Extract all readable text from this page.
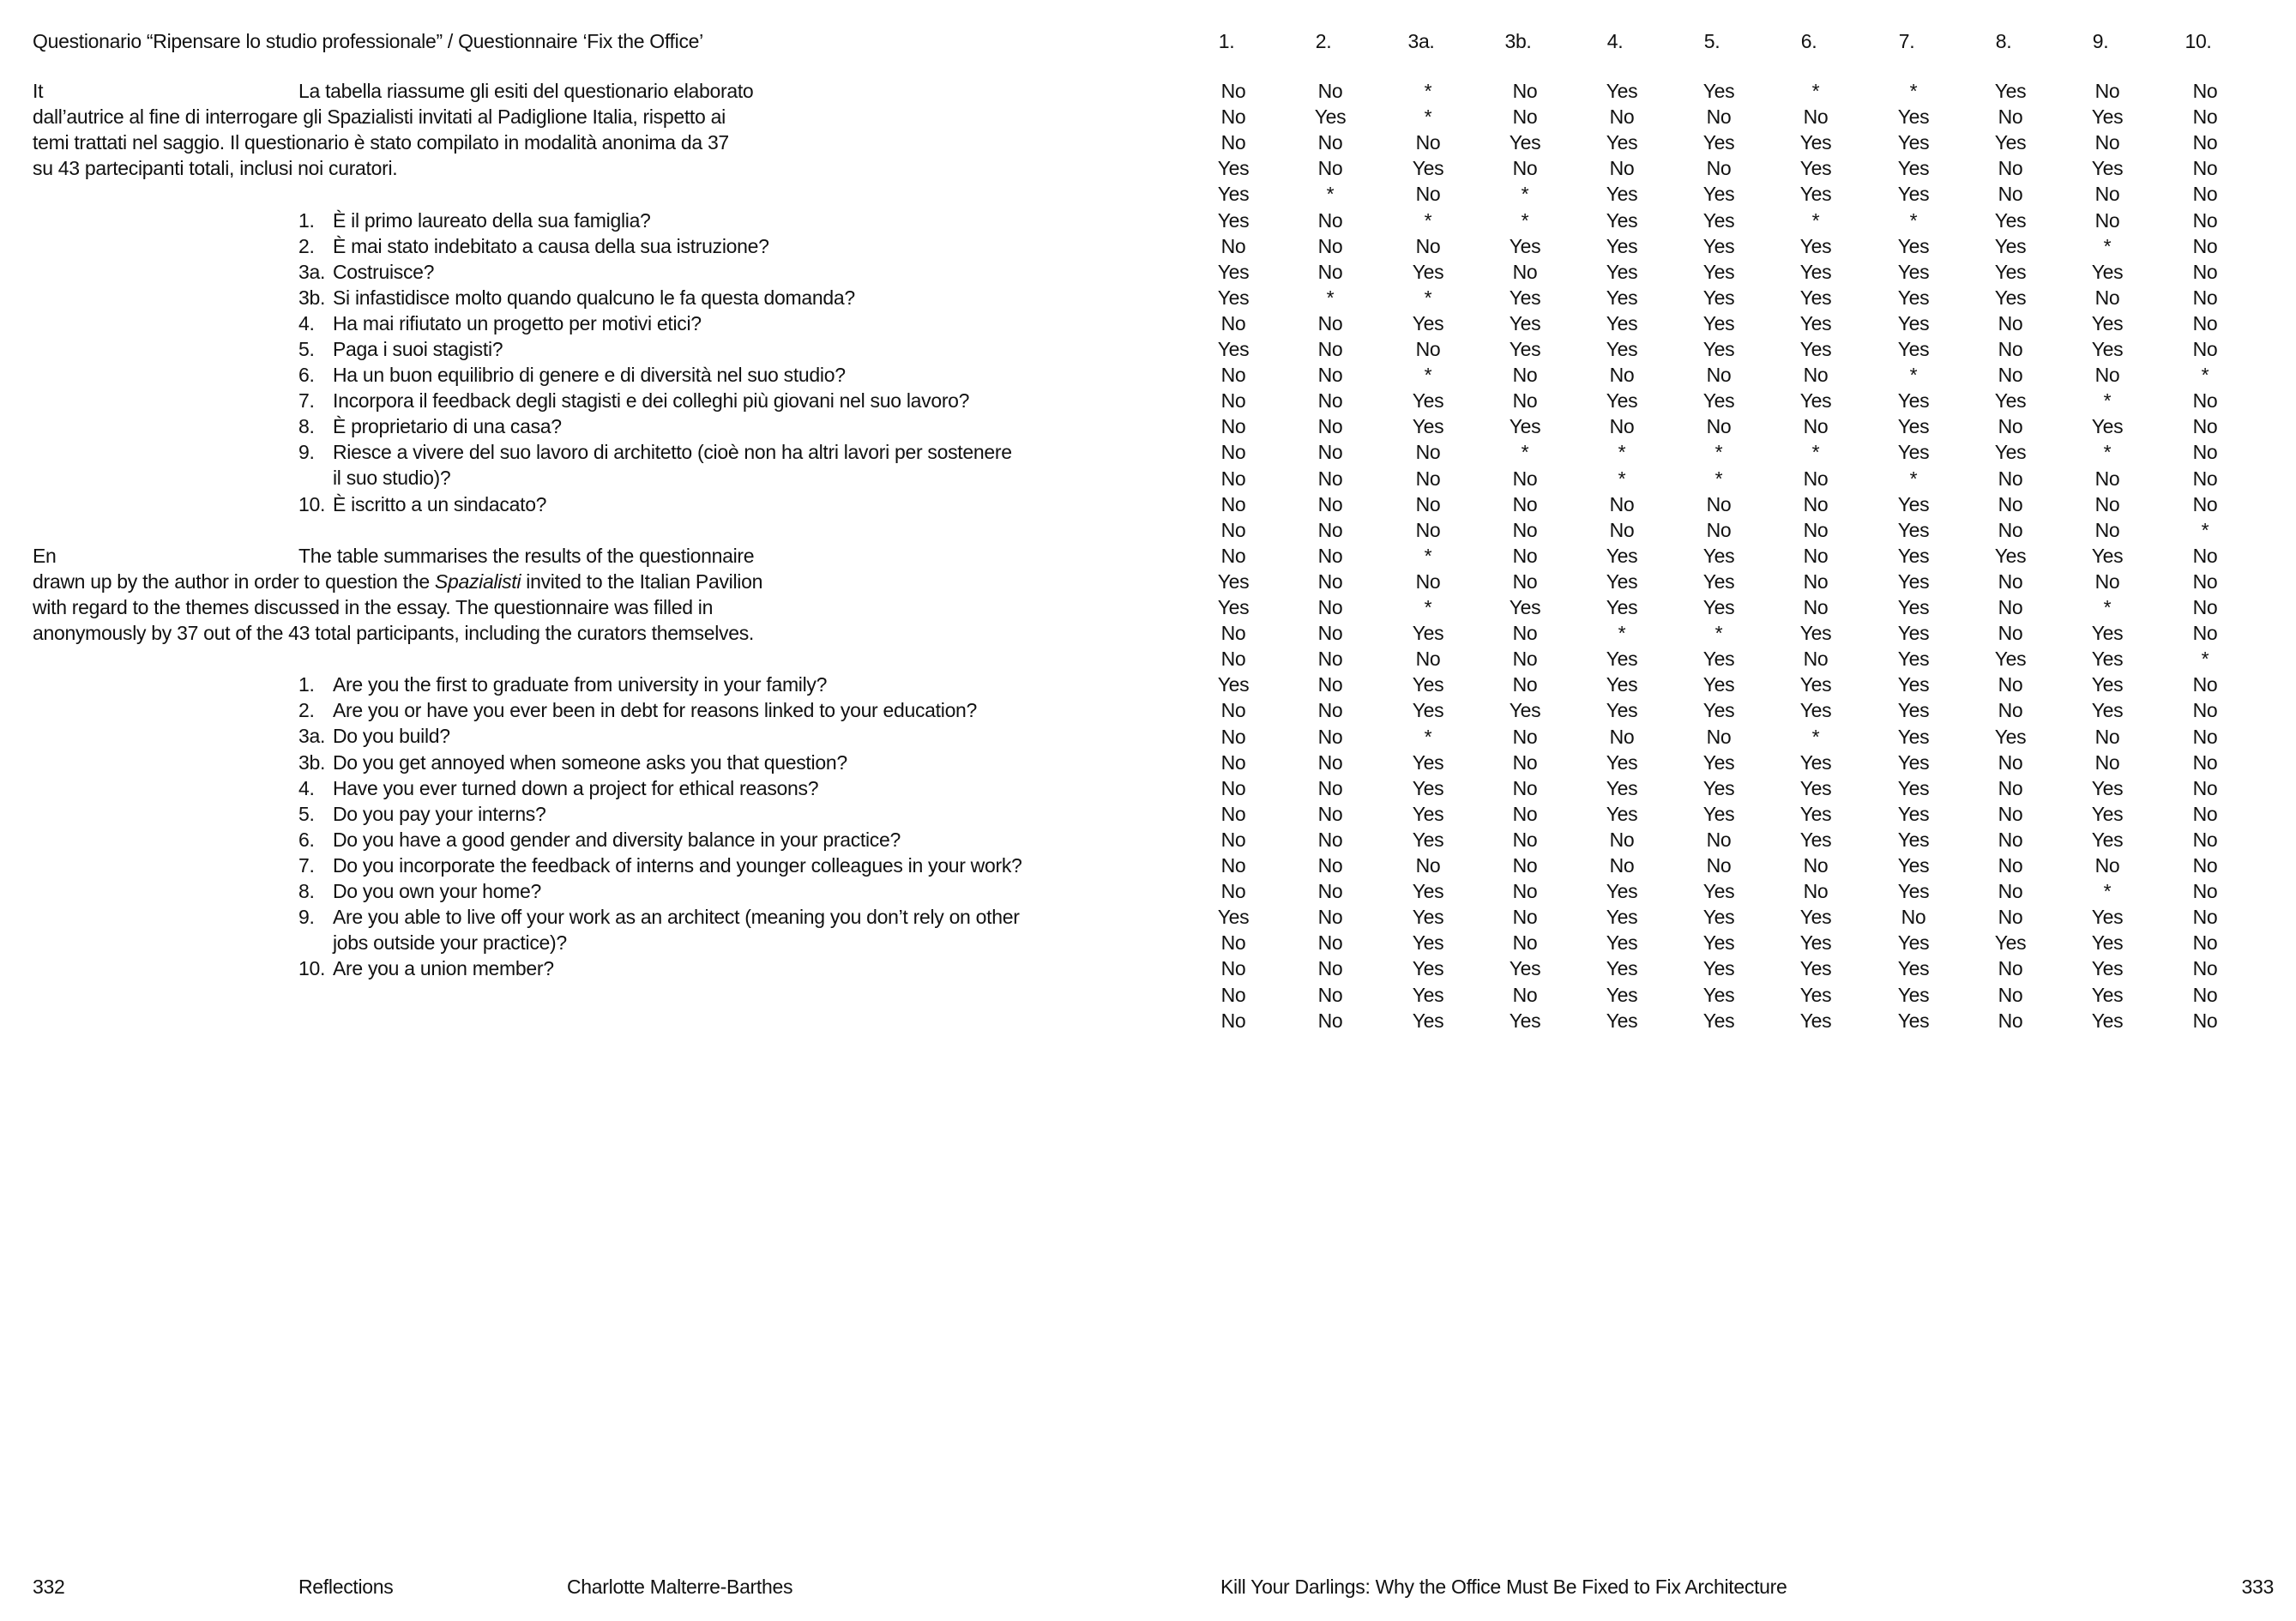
Questionario “Ripensare lo studio professionale” / Questionnaire ‘Fix the Office’
It	La tabella riassume gli esiti del questionario elaborato
dall’autrice al fine di interrogare gli Spazialisti invitati al Padiglione Italia, rispetto ai
temi trattati nel saggio. Il questionario è stato compilato in modalità anonima da 37
su 43 partecipanti totali, inclusi noi curatori.
1. È il primo laureato della sua famiglia?
2. È mai stato indebitato a causa della sua istruzione?
3a. Costruisce?
3b. Si infastidisce molto quando qualcuno le fa questa domanda?
4. Ha mai rifiutato un progetto per motivi etici?
5. Paga i suoi stagisti?
6. Ha un buon equilibrio di genere e di diversità nel suo studio?
7. Incorpora il feedback degli stagisti e dei colleghi più giovani nel suo lavoro?
8. È proprietario di una casa?
9. Riesce a vivere del suo lavoro di architetto (cioè non ha altri lavori per sostenere
il suo studio)?
10. È iscritto a un sindacato?
En	The table summarises the results of the questionnaire
drawn up by the author in order to question the Spazialisti invited to the Italian Pavilion
with regard to the themes discussed in the essay. The questionnaire was filled in
anonymously by 37 out of the 43 total participants, including the curators themselves.
1. Are you the first to graduate from university in your family?
2. Are you or have you ever been in debt for reasons linked to your education?
3a. Do you build?
3b. Do you get annoyed when someone asks you that question?
4. Have you ever turned down a project for ethical reasons?
5. Do you pay your interns?
6. Do you have a good gender and diversity balance in your practice?
7. Do you incorporate the feedback of interns and younger colleagues in your work?
8. Do you own your home?
9. Are you able to live off your work as an architect (meaning you don’t rely on other
jobs outside your practice)?
10. Are you a union member?
1.	2.	3a.	3b.	4.	5.	6.	7.	8.	9.	10.
No	No	*	No	Yes	Yes	*	*	Yes	No	No
No	Yes	*	No	No	No	No	Yes	No	Yes	No
No	No	No	Yes	Yes	Yes	Yes	Yes	Yes	No	No
Yes	No	Yes	No	No	No	Yes	Yes	No	Yes	No
Yes	*	No	*	Yes	Yes	Yes	Yes	No	No	No
Yes	No	*	*	Yes	Yes	*	*	Yes	No	No
No	No	No	Yes	Yes	Yes	Yes	Yes	Yes	*	No
Yes	No	Yes	No	Yes	Yes	Yes	Yes	Yes	Yes	No
Yes	*	*	Yes	Yes	Yes	Yes	Yes	Yes	No	No
No	No	Yes	Yes	Yes	Yes	Yes	Yes	No	Yes	No
Yes	No	No	Yes	Yes	Yes	Yes	Yes	No	Yes	No
No	No	*	No	No	No	No	*	No	No	*
No	No	Yes	No	Yes	Yes	Yes	Yes	Yes	*	No
No	No	Yes	Yes	No	No	No	Yes	No	Yes	No
No	No	No	*	*	*	*	Yes	Yes	*	No
No	No	No	No	*	*	No	*	No	No	No
No	No	No	No	No	No	No	Yes	No	No	No
No	No	No	No	No	No	No	Yes	No	No	*
No	No	*	No	Yes	Yes	No	Yes	Yes	Yes	No
Yes	No	No	No	Yes	Yes	No	Yes	No	No	No
Yes	No	*	Yes	Yes	Yes	No	Yes	No	*	No
No	No	Yes	No	*	*	Yes	Yes	No	Yes	No
No	No	No	No	Yes	Yes	No	Yes	Yes	Yes	*
Yes	No	Yes	No	Yes	Yes	Yes	Yes	No	Yes	No
No	No	Yes	Yes	Yes	Yes	Yes	Yes	No	Yes	No
No	No	*	No	No	No	*	Yes	Yes	No	No
No	No	Yes	No	Yes	Yes	Yes	Yes	No	No	No
No	No	Yes	No	Yes	Yes	Yes	Yes	No	Yes	No
No	No	Yes	No	Yes	Yes	Yes	Yes	No	Yes	No
No	No	Yes	No	No	No	Yes	Yes	No	Yes	No
No	No	No	No	No	No	No	Yes	No	No	No
No	No	Yes	No	Yes	Yes	No	Yes	No	*	No
Yes	No	Yes	No	Yes	Yes	Yes	No	No	Yes	No
No	No	Yes	No	Yes	Yes	Yes	Yes	Yes	Yes	No
No	No	Yes	Yes	Yes	Yes	Yes	Yes	No	Yes	No
No	No	Yes	No	Yes	Yes	Yes	Yes	No	Yes	No
No	No	Yes	Yes	Yes	Yes	Yes	Yes	No	Yes	No
332	Reflections	Charlotte Malterre-Barthes	Kill Your Darlings: Why the Office Must Be Fixed to Fix Architecture	333
